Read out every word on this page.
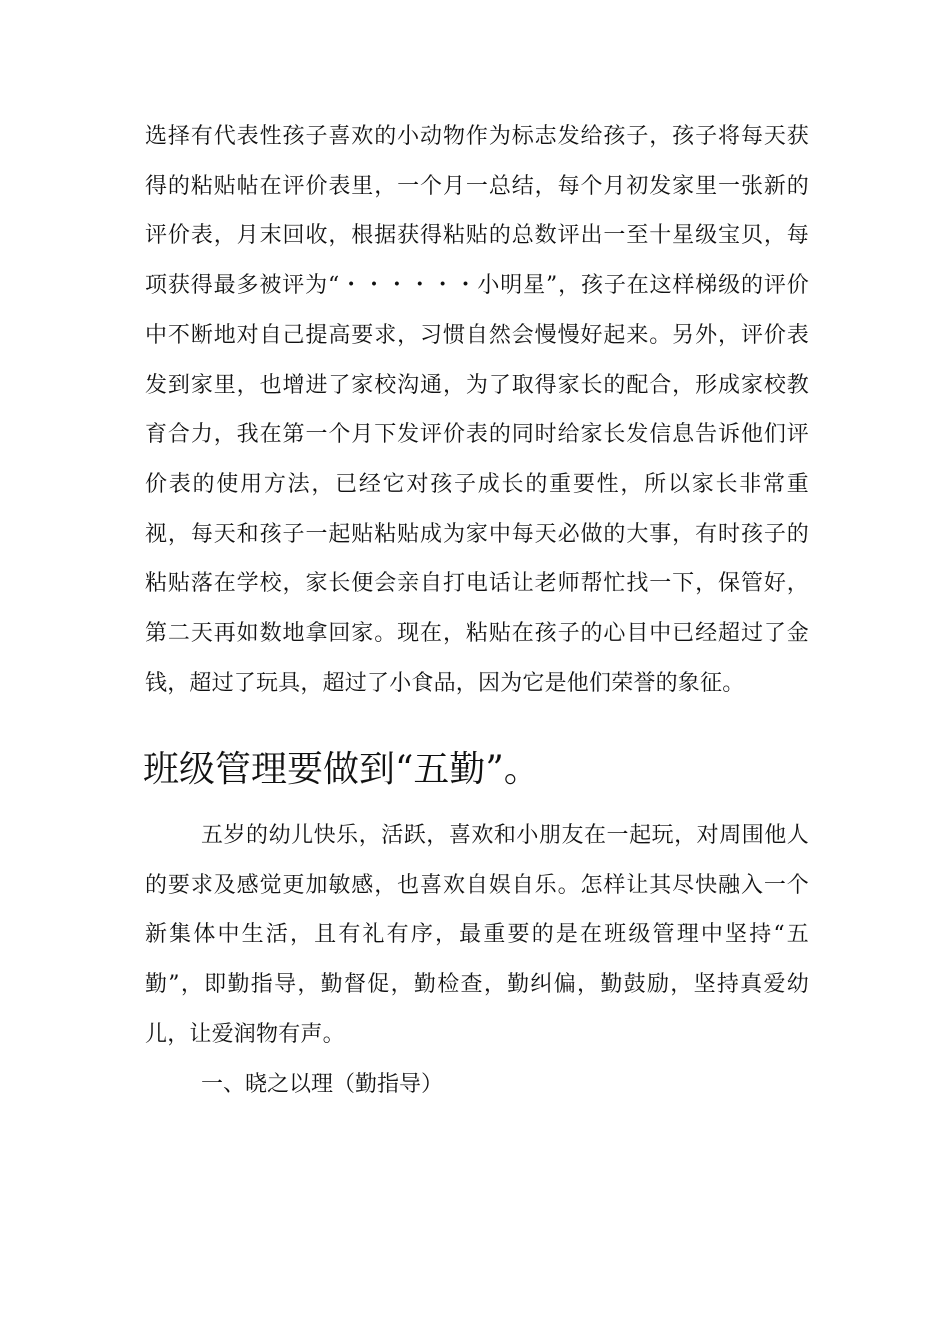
选择有代表性孩子喜欢的小动物作为标志发给孩子，孩子将每天获得的粘贴帖在评价表里，一个月一总结，每个月初发家里一张新的评价表，月末回收，根据获得粘贴的总数评出一至十星级宝贝，每项获得最多被评为“・・・・・・小明星”，孩子在这样梯级的评价中不断地对自己提高要求，习惯自然会慢慢好起来。另外，评价表发到家里，也增进了家校沟通，为了取得家长的配合，形成家校教育合力，我在第一个月下发评价表的同时给家长发信息告诉他们评价表的使用方法，已经它对孩子成长的重要性，所以家长非常重视，每天和孩子一起贴粘贴成为家中每天必做的大事，有时孩子的粘贴落在学校，家长便会亲自打电话让老师帮忙找一下，保管好，第二天再如数地拿回家。现在，粘贴在孩子的心目中已经超过了金钱，超过了玩具，超过了小食品，因为它是他们荣誉的象征。

班级管理要做到“五勤”。

五岁的幼儿快乐，活跃，喜欢和小朋友在一起玩，对周围他人的要求及感觉更加敏感，也喜欢自娱自乐。怎样让其尽快融入一个新集体中生活，且有礼有序，最重要的是在班级管理中坚持“五勤”，即勤指导，勤督促，勤检查，勤纠偏，勤鼓励，坚持真爱幼儿，让爱润物有声。

一、晓之以理（勤指导）
